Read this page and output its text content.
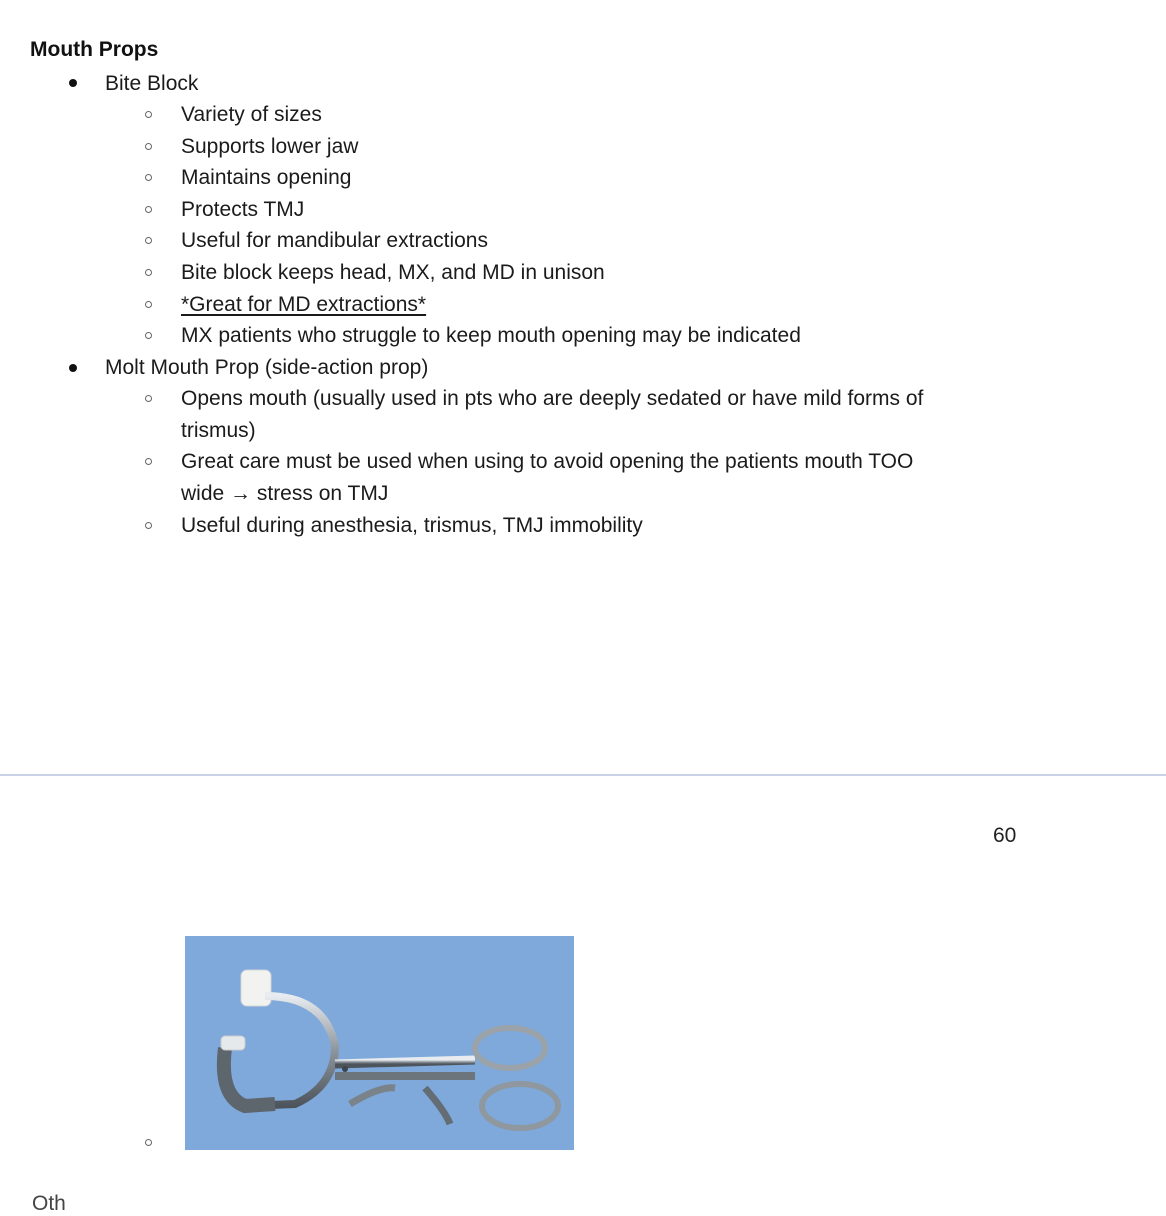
Mouth Props
Bite Block
Variety of sizes
Supports lower jaw
Maintains opening
Protects TMJ
Useful for mandibular extractions
Bite block keeps head, MX, and MD in unison
*Great for MD extractions*
MX patients who struggle to keep mouth opening may be indicated
Molt Mouth Prop (side-action prop)
Opens mouth (usually used in pts who are deeply sedated or have mild forms of
trismus)
Great care must be used when using to avoid opening the patients mouth TOO
wide → stress on TMJ
Useful during anesthesia, trismus, TMJ immobility
60
Oth
